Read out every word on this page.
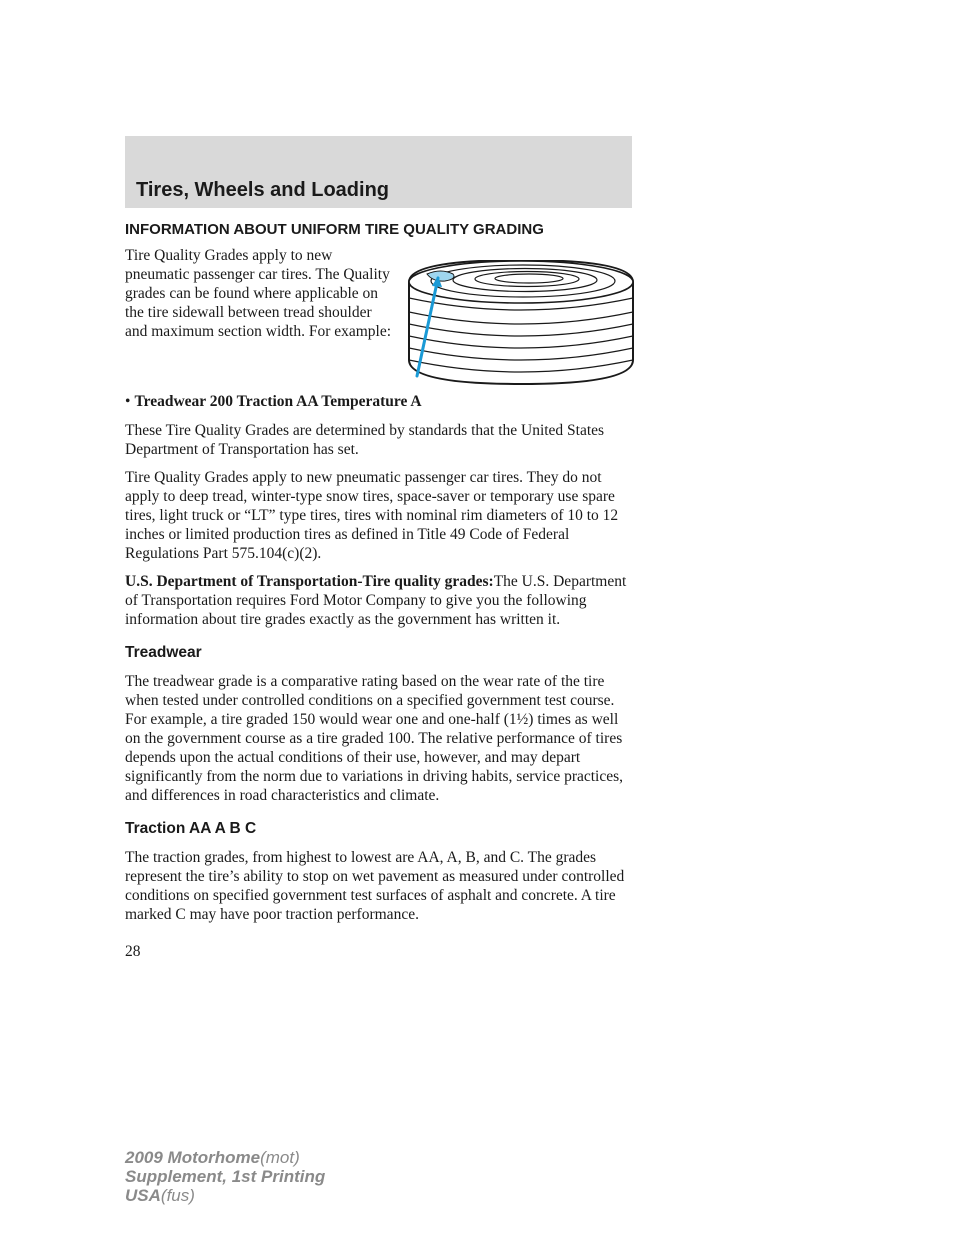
Tires, Wheels and Loading
INFORMATION ABOUT UNIFORM TIRE QUALITY GRADING

Tire Quality Grades apply to new pneumatic passenger car tires. The Quality grades can be found where applicable on the tire sidewall between tread shoulder and maximum section width. For example:

• Treadwear 200 Traction AA Temperature A

These Tire Quality Grades are determined by standards that the United States Department of Transportation has set.

Tire Quality Grades apply to new pneumatic passenger car tires. They do not apply to deep tread, winter-type snow tires, space-saver or temporary use spare tires, light truck or “LT” type tires, tires with nominal rim diameters of 10 to 12 inches or limited production tires as defined in Title 49 Code of Federal Regulations Part 575.104(c)(2).

U.S. Department of Transportation-Tire quality grades:The U.S. Department of Transportation requires Ford Motor Company to give you the following information about tire grades exactly as the government has written it.

Treadwear

The treadwear grade is a comparative rating based on the wear rate of the tire when tested under controlled conditions on a specified government test course. For example, a tire graded 150 would wear one and one-half (1½) times as well on the government course as a tire graded 100. The relative performance of tires depends upon the actual conditions of their use, however, and may depart significantly from the norm due to variations in driving habits, service practices, and differences in road characteristics and climate.

Traction AA A B C

The traction grades, from highest to lowest are AA, A, B, and C. The grades represent the tire’s ability to stop on wet pavement as measured under controlled conditions on specified government test surfaces of asphalt and concrete. A tire marked C may have poor traction performance.

28
2009 Motorhome(mot)
Supplement, 1st Printing
USA(fus)
